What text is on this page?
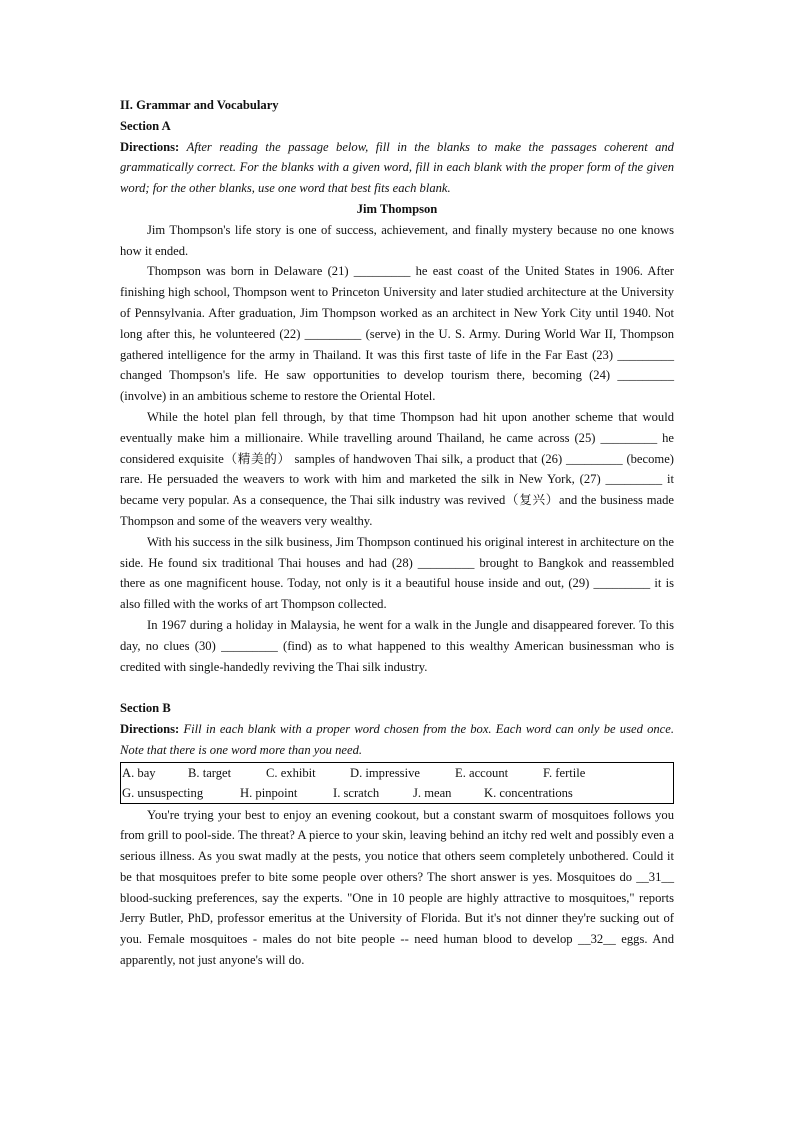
II. Grammar and Vocabulary

Section A

Directions: After reading the passage below, fill in the blanks to make the passages coherent and grammatically correct. For the blanks with a given word, fill in each blank with the proper form of the given word; for the other blanks, use one word that best fits each blank.

Jim Thompson

Jim Thompson's life story is one of success, achievement, and finally mystery because no one knows how it ended.

Thompson was born in Delaware (21) _________ he east coast of the United States in 1906. After finishing high school, Thompson went to Princeton University and later studied architecture at the University of Pennsylvania. After graduation, Jim Thompson worked as an architect in New York City until 1940. Not long after this, he volunteered (22) _________ (serve) in the U. S. Army. During World War II, Thompson gathered intelligence for the army in Thailand. It was this first taste of life in the Far East (23) _________ changed Thompson's life. He saw opportunities to develop tourism there, becoming (24) _________ (involve) in an ambitious scheme to restore the Oriental Hotel.

While the hotel plan fell through, by that time Thompson had hit upon another scheme that would eventually make him a millionaire. While travelling around Thailand, he came across (25) _________ he considered exquisite（精美的） samples of handwoven Thai silk, a product that (26) _________ (become) rare. He persuaded the weavers to work with him and marketed the silk in New York, (27) _________ it became very popular. As a consequence, the Thai silk industry was revived（复兴）and the business made Thompson and some of the weavers very wealthy.

With his success in the silk business, Jim Thompson continued his original interest in architecture on the side. He found six traditional Thai houses and had (28) _________ brought to Bangkok and reassembled there as one magnificent house. Today, not only is it a beautiful house inside and out, (29) _________ it is also filled with the works of art Thompson collected.

In 1967 during a holiday in Malaysia, he went for a walk in the Jungle and disappeared forever. To this day, no clues (30) _________ (find) as to what happened to this wealthy American businessman who is credited with single-handedly reviving the Thai silk industry.

Section B

Directions: Fill in each blank with a proper word chosen from the box. Each word can only be used once. Note that there is one word more than you need.

A. bay	B. target	C. exhibit	D. impressive	E. account	F. fertile
G. unsuspecting	H. pinpoint	I. scratch	J. mean	K. concentrations

You're trying your best to enjoy an evening cookout, but a constant swarm of mosquitoes follows you from grill to pool-side. The threat? A pierce to your skin, leaving behind an itchy red welt and possibly even a serious illness. As you swat madly at the pests, you notice that others seem completely unbothered. Could it be that mosquitoes prefer to bite some people over others? The short answer is yes. Mosquitoes do __31__ blood-sucking preferences, say the experts. "One in 10 people are highly attractive to mosquitoes," reports Jerry Butler, PhD, professor emeritus at the University of Florida. But it's not dinner they're sucking out of you. Female mosquitoes - males do not bite people -- need human blood to develop __32__ eggs. And apparently, not just anyone's will do.
